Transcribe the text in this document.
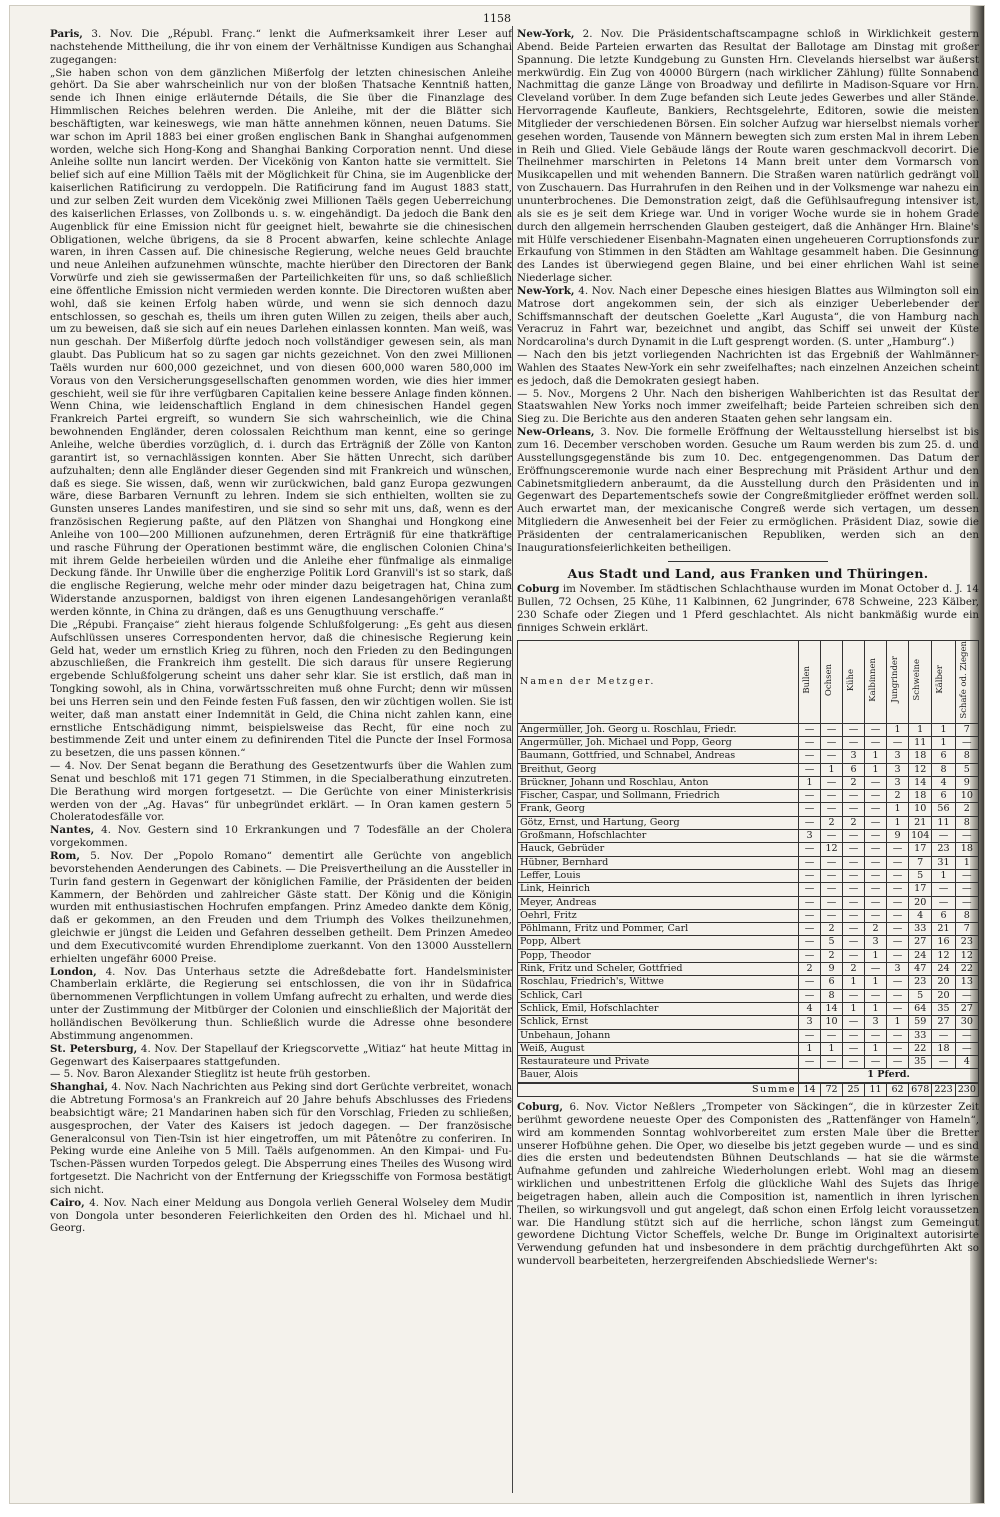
1158

Paris, 3. Nov. Die „Républ. Franç.“ lenkt die Aufmerksamkeit ihrer Leser auf nachstehende Mittheilung, die ihr von einem der Verhältnisse Kundigen aus Schanghai zugegangen:

„Sie haben schon von dem gänzlichen Mißerfolg der letzten chinesischen Anleihe gehört. Da Sie aber wahrscheinlich nur von der bloßen Thatsache Kenntniß hatten, sende ich Ihnen einige erläuternde Détails, die Sie über die Finanzlage des Himmlischen Reiches belehren werden. Die Anleihe, mit der die Blätter sich beschäftigten, war keineswegs, wie man hätte annehmen können, neuen Datums. Sie war schon im April 1883 bei einer großen englischen Bank in Shanghai aufgenommen worden, welche sich Hong-Kong and Shanghai Banking Corporation nennt. Und diese Anleihe sollte nun lancirt werden. Der Vicekönig von Kanton hatte sie vermittelt. Sie belief sich auf eine Million Taëls mit der Möglichkeit für China, sie im Augenblicke der kaiserlichen Ratificirung zu verdoppeln. Die Ratificirung fand im August 1883 statt, und zur selben Zeit wurden dem Vicekönig zwei Millionen Taëls gegen Ueberreichung des kaiserlichen Erlasses, von Zollbonds u. s. w. eingehändigt. Da jedoch die Bank den Augenblick für eine Emission nicht für geeignet hielt, bewahrte sie die chinesischen Obligationen, welche übrigens, da sie 8 Procent abwarfen, keine schlechte Anlage waren, in ihren Cassen auf. Die chinesische Regierung, welche neues Geld brauchte und neue Anleihen aufzunehmen wünschte, machte hierüber den Directoren der Bank Vorwürfe und zieh sie gewissermaßen der Parteilichkeiten für uns, so daß schließlich eine öffentliche Emission nicht vermieden werden konnte. Die Directoren wußten aber wohl, daß sie keinen Erfolg haben würde, und wenn sie sich dennoch dazu entschlossen, so geschah es, theils um ihren guten Willen zu zeigen, theils aber auch, um zu beweisen, daß sie sich auf ein neues Darlehen einlassen konnten. Man weiß, was nun geschah. Der Mißerfolg dürfte jedoch noch vollständiger gewesen sein, als man glaubt. Das Publicum hat so zu sagen gar nichts gezeichnet. Von den zwei Millionen Taëls wurden nur 600,000 gezeichnet, und von diesen 600,000 waren 580,000 im Voraus von den Versicherungsgesellschaften genommen worden, wie dies hier immer geschieht, weil sie für ihre verfügbaren Capitalien keine bessere Anlage finden können. Wenn China, wie leidenschaftlich England in dem chinesischen Handel gegen Frankreich Partei ergreift, so wundern Sie sich wahrscheinlich, wie die China bewohnenden Engländer, deren colossalen Reichthum man kennt, eine so geringe Anleihe, welche überdies vorzüglich, d. i. durch das Erträgniß der Zölle von Kanton garantirt ist, so vernachlässigen konnten. Aber Sie hätten Unrecht, sich darüber aufzuhalten; denn alle Engländer dieser Gegenden sind mit Frankreich und wünschen, daß es siege. Sie wissen, daß, wenn wir zurückwichen, bald ganz Europa gezwungen wäre, diese Barbaren Vernunft zu lehren. Indem sie sich enthielten, wollten sie zu Gunsten unseres Landes manifestiren, und sie sind so sehr mit uns, daß, wenn es der französischen Regierung paßte, auf den Plätzen von Shanghai und Hongkong eine Anleihe von 100—200 Millionen aufzunehmen, deren Erträgniß für eine thatkräftige und rasche Führung der Operationen bestimmt wäre, die englischen Colonien China's mit ihrem Gelde herbeieilen würden und die Anleihe eher fünfmalige als einmalige Deckung fände. Ihr Unwille über die engherzige Politik Lord Granvill's ist so stark, daß die englische Regierung, welche mehr oder minder dazu beigetragen hat, China zum Widerstande anzuspornen, baldigst von ihren eigenen Landesangehörigen veranlaßt werden könnte, in China zu drängen, daß es uns Genugthuung verschaffe.“

Die „Répubi. Française“ zieht hieraus folgende Schlußfolgerung: „Es geht aus diesen Aufschlüssen unseres Correspondenten hervor, daß die chinesische Regierung kein Geld hat, weder um ernstlich Krieg zu führen, noch den Frieden zu den Bedingungen abzuschließen, die Frankreich ihm gestellt. Die sich daraus für unsere Regierung ergebende Schlußfolgerung scheint uns daher sehr klar. Sie ist erstlich, daß man in Tongking sowohl, als in China, vorwärtsschreiten muß ohne Furcht; denn wir müssen bei uns Herren sein und den Feinde festen Fuß fassen, den wir züchtigen wollen. Sie ist weiter, daß man anstatt einer Indemnität in Geld, die China nicht zahlen kann, eine ernstliche Entschädigung nimmt, beispielsweise das Recht, für eine noch zu bestimmende Zeit und unter einem zu definirenden Titel die Puncte der Insel Formosa zu besetzen, die uns passen können.“

— 4. Nov. Der Senat begann die Berathung des Gesetzentwurfs über die Wahlen zum Senat und beschloß mit 171 gegen 71 Stimmen, in die Specialberathung einzutreten. Die Berathung wird morgen fortgesetzt. — Die Gerüchte von einer Ministerkrisis werden von der „Ag. Havas“ für unbegründet erklärt. — In Oran kamen gestern 5 Choleratodesfälle vor.

Nantes, 4. Nov. Gestern sind 10 Erkrankungen und 7 Todesfälle an der Cholera vorgekommen.

Rom, 5. Nov. Der „Popolo Romano“ dementirt alle Gerüchte von angeblich bevorstehenden Aenderungen des Cabinets. — Die Preisvertheilung an die Aussteller in Turin fand gestern in Gegenwart der königlichen Familie, der Präsidenten der beiden Kammern, der Behörden und zahlreicher Gäste statt. Der König und die Königin wurden mit enthusiastischen Hochrufen empfangen. Prinz Amedeo dankte dem König, daß er gekommen, an den Freuden und dem Triumph des Volkes theilzunehmen, gleichwie er jüngst die Leiden und Gefahren desselben getheilt. Dem Prinzen Amedeo und dem Executivcomité wurden Ehrendiplome zuerkannt. Von den 13000 Ausstellern erhielten ungefähr 6000 Preise.

London, 4. Nov. Das Unterhaus setzte die Adreßdebatte fort. Handelsminister Chamberlain erklärte, die Regierung sei entschlossen, die von ihr in Südafrica übernommenen Verpflichtungen in vollem Umfang aufrecht zu erhalten, und werde dies unter der Zustimmung der Mitbürger der Colonien und einschließlich der Majorität der holländischen Bevölkerung thun. Schließlich wurde die Adresse ohne besondere Abstimmung angenommen.

St. Petersburg, 4. Nov. Der Stapellauf der Kriegscorvette „Witiaz“ hat heute Mittag in Gegenwart des Kaiserpaares stattgefunden.

— 5. Nov. Baron Alexander Stieglitz ist heute früh gestorben.

Shanghai, 4. Nov. Nach Nachrichten aus Peking sind dort Gerüchte verbreitet, wonach die Abtretung Formosa's an Frankreich auf 20 Jahre behufs Abschlusses des Friedens beabsichtigt wäre; 21 Mandarinen haben sich für den Vorschlag, Frieden zu schließen, ausgesprochen, der Vater des Kaisers ist jedoch dagegen. — Der französische Generalconsul von Tien-Tsin ist hier eingetroffen, um mit Pâtenôtre zu conferiren. In Peking wurde eine Anleihe von 5 Mill. Taëls aufgenommen. An den Kimpai- und Fu-Tschen-Pässen wurden Torpedos gelegt. Die Absperrung eines Theiles des Wusong wird fortgesetzt. Die Nachricht von der Entfernung der Kriegsschiffe von Formosa bestätigt sich nicht.

Cairo, 4. Nov. Nach einer Meldung aus Dongola verlieh General Wolseley dem Mudir von Dongola unter besonderen Feierlichkeiten den Orden des hl. Michael und hl. Georg.

New-York, 2. Nov. Die Präsidentschaftscampagne schloß in Wirklichkeit gestern Abend. Beide Parteien erwarten das Resultat der Ballotage am Dinstag mit großer Spannung. Die letzte Kundgebung zu Gunsten Hrn. Clevelands hierselbst war äußerst merkwürdig. Ein Zug von 40000 Bürgern (nach wirklicher Zählung) füllte Sonnabend Nachmittag die ganze Länge von Broadway und defilirte in Madison-Square vor Hrn. Cleveland vorüber. In dem Zuge befanden sich Leute jedes Gewerbes und aller Stände. Hervorragende Kaufleute, Bankiers, Rechtsgelehrte, Editoren, sowie die meisten Mitglieder der verschiedenen Börsen. Ein solcher Aufzug war hierselbst niemals vorher gesehen worden, Tausende von Männern bewegten sich zum ersten Mal in ihrem Leben in Reih und Glied. Viele Gebäude längs der Route waren geschmackvoll decorirt. Die Theilnehmer marschirten in Peletons 14 Mann breit unter dem Vormarsch von Musikcapellen und mit wehenden Bannern. Die Straßen waren natürlich gedrängt voll von Zuschauern. Das Hurrahrufen in den Reihen und in der Volksmenge war nahezu ein ununterbrochenes. Die Demonstration zeigt, daß die Gefühlsaufregung intensiver ist, als sie es je seit dem Kriege war. Und in voriger Woche wurde sie in hohem Grade durch den allgemein herrschenden Glauben gesteigert, daß die Anhänger Hrn. Blaine's mit Hülfe verschiedener Eisenbahn-Magnaten einen ungeheueren Corruptionsfonds zur Erkaufung von Stimmen in den Städten am Wahltage gesammelt haben. Die Gesinnung des Landes ist überwiegend gegen Blaine, und bei einer ehrlichen Wahl ist seine Niederlage sicher.

New-York, 4. Nov. Nach einer Depesche eines hiesigen Blattes aus Wilmington soll ein Matrose dort angekommen sein, der sich als einziger Ueberlebender der Schiffsmannschaft der deutschen Goelette „Karl Augusta“, die von Hamburg nach Veracruz in Fahrt war, bezeichnet und angibt, das Schiff sei unweit der Küste Nordcarolina's durch Dynamit in die Luft gesprengt worden. (S. unter „Hamburg“.)

— Nach den bis jetzt vorliegenden Nachrichten ist das Ergebniß der Wahlmänner-Wahlen des Staates New-York ein sehr zweifelhaftes; nach einzelnen Anzeichen scheint es jedoch, daß die Demokraten gesiegt haben.

— 5. Nov., Morgens 2 Uhr. Nach den bisherigen Wahlberichten ist das Resultat der Staatswahlen New Yorks noch immer zweifelhaft; beide Parteien schreiben sich den Sieg zu. Die Berichte aus den anderen Staaten gehen sehr langsam ein.

New-Orleans, 3. Nov. Die formelle Eröffnung der Weltausstellung hierselbst ist bis zum 16. December verschoben worden. Gesuche um Raum werden bis zum 25. d. und Ausstellungsgegenstände bis zum 10. Dec. entgegengenommen. Das Datum der Eröffnungsceremonie wurde nach einer Besprechung mit Präsident Arthur und den Cabinetsmitgliedern anberaumt, da die Ausstellung durch den Präsidenten und in Gegenwart des Departementschefs sowie der Congreßmitglieder eröffnet werden soll. Auch erwartet man, der mexicanische Congreß werde sich vertagen, um dessen Mitgliedern die Anwesenheit bei der Feier zu ermöglichen. Präsident Diaz, sowie die Präsidenten der centralamericanischen Republiken, werden sich an den Inaugurationsfeierlichkeiten betheiligen.

Aus Stadt und Land, aus Franken und Thüringen.

Coburg im November. Im städtischen Schlachthause wurden im Monat October d. J. 14 Bullen, 72 Ochsen, 25 Kühe, 11 Kalbinnen, 62 Jungrinder, 678 Schweine, 223 Kälber, 230 Schafe oder Ziegen und 1 Pferd geschlachtet. Als nicht bankmäßig wurde ein finniges Schwein erklärt.

Namen der Metzger.	Bullen	Ochsen	Kühe	Kalbinnen	Jungrinder	Schweine	Kälber	Schafe od. Ziegen
Angermüller, Joh. Georg u. Roschlau, Friedr.	—	—	—	—	1	1	1	7
Angermüller, Joh. Michael und Popp, Georg	—	—	—	—	—	11	1	—
Baumann, Gottfried, und Schnabel, Andreas	—	—	3	1	3	18	6	8
Breithut, Georg	—	1	6	1	3	12	8	5
Brückner, Johann und Roschlau, Anton	1	—	2	—	3	14	4	9
Fischer, Caspar, und Sollmann, Friedrich	—	—	—	—	2	18	6	10
Frank, Georg	—	—	—	—	1	10	56	2
Götz, Ernst, und Hartung, Georg	—	2	2	—	1	21	11	8
Großmann, Hofschlachter	3	—	—	—	9	104	—	—
Hauck, Gebrüder	—	12	—	—	—	17	23	18
Hübner, Bernhard	—	—	—	—	—	7	31	1
Leffer, Louis	—	—	—	—	—	5	1	—
Link, Heinrich	—	—	—	—	—	17	—	—
Meyer, Andreas	—	—	—	—	—	20	—	—
Oehrl, Fritz	—	—	—	—	—	4	6	8
Pöhlmann, Fritz und Pommer, Carl	—	2	—	2	—	33	21	7
Popp, Albert	—	5	—	3	—	27	16	23
Popp, Theodor	—	2	—	1	—	24	12	12
Rink, Fritz und Scheler, Gottfried	2	9	2	—	3	47	24	22
Roschlau, Friedrich's, Wittwe	—	6	1	1	—	23	20	13
Schlick, Carl	—	8	—	—	—	5	20	—
Schlick, Emil, Hofschlachter	4	14	1	1	—	64	35	27
Schlick, Ernst	3	10	—	3	1	59	27	30
Unbehaun, Johann	—	—	—	—	—	33	—	—
Weiß, August	1	1	—	1	—	22	18	—
Restaurateure und Private	—	—	—	—	—	35	—	4
Bauer, Alois	1 Pferd.							
Summe	14	72	25	11	62	678	223	230

Coburg, 6. Nov. Victor Neßlers „Trompeter von Säckingen“, die in kürzester Zeit berühmt gewordene neueste Oper des Componisten des „Rattenfänger von Hameln“, wird am kommenden Sonntag wohlvorbereitet zum ersten Male über die Bretter unserer Hofbühne gehen. Die Oper, wo dieselbe bis jetzt gegeben wurde — und es sind dies die ersten und bedeutendsten Bühnen Deutschlands — hat sie die wärmste Aufnahme gefunden und zahlreiche Wiederholungen erlebt. Wohl mag an diesem wirklichen und unbestrittenen Erfolg die glückliche Wahl des Sujets das Ihrige beigetragen haben, allein auch die Composition ist, namentlich in ihren lyrischen Theilen, so wirkungsvoll und gut angelegt, daß schon einen Erfolg leicht voraussetzen war. Die Handlung stützt sich auf die herrliche, schon längst zum Gemeingut gewordene Dichtung Victor Scheffels, welche Dr. Bunge im Originaltext autorisirte Verwendung gefunden hat und insbesondere in dem prächtig durchgeführten Akt so wundervoll bearbeiteten, herzergreifenden Abschiedsliede Werner's:
